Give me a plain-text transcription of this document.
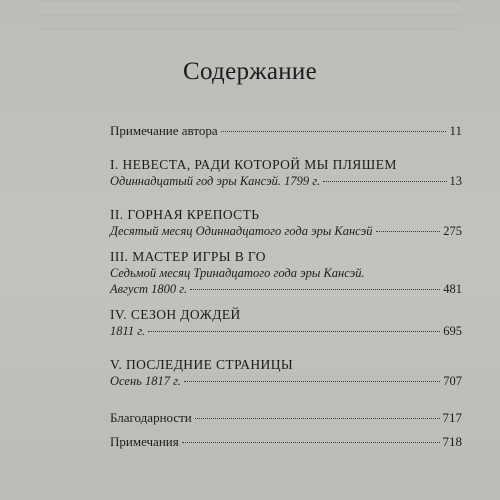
Содержание
Примечание автора	11
I. НЕВЕСТА, РАДИ КОТОРОЙ МЫ ПЛЯШЕМ
Одиннадцатый год эры Кансэй. 1799 г.	13
II. ГОРНАЯ КРЕПОСТЬ
Десятый месяц Одиннадцатого года эры Кансэй	275
III. МАСТЕР ИГРЫ В ГО
Седьмой месяц Тринадцатого года эры Кансэй.
Август 1800 г.	481
IV. СЕЗОН ДОЖДЕЙ
1811 г.	695
V. ПОСЛЕДНИЕ СТРАНИЦЫ
Осень 1817 г.	707
Благодарности	717
Примечания	718
